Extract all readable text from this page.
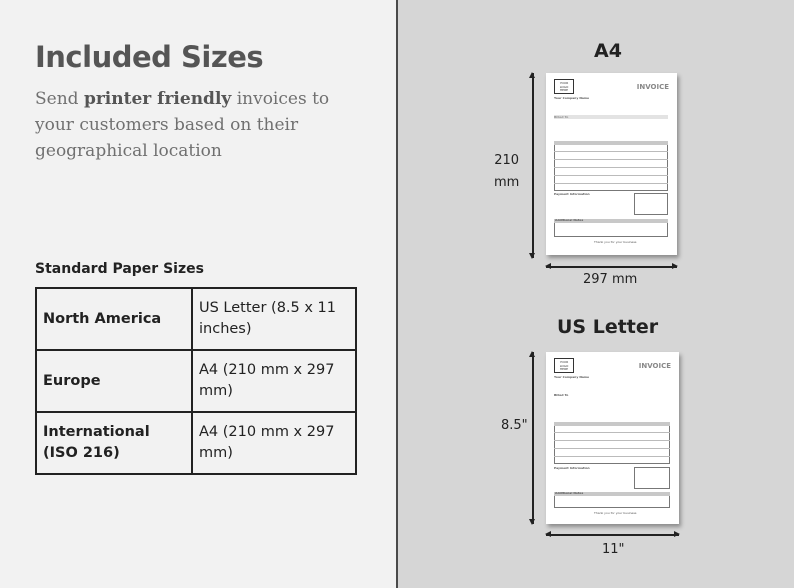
Included Sizes
Send printer friendly invoices to your customers based on their geographical location
Standard Paper Sizes
North America	US Letter (8.5 x 11 inches)
Europe	A4 (210 mm x 297 mm)
International (ISO 216)	A4 (210 mm x 297 mm)
A4
210
mm
YOUR
LOGO
HERE	INVOICE
Your Company Name
Payment Information
Additional Notes
Thank you for your business
297 mm
US Letter
8.5"
YOUR
LOGO
HERE	INVOICE
Your Company Name
Billed To
Payment Information
Additional Notes
Thank you for your business
11"
